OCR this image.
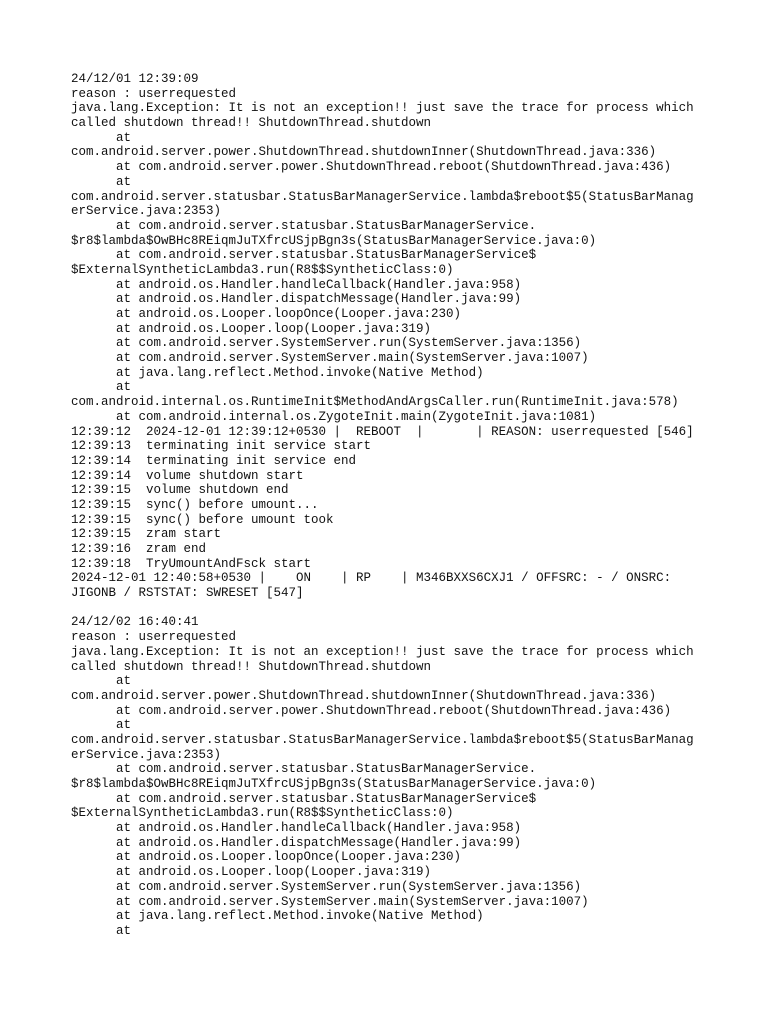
24/12/01 12:39:09
reason : userrequested
java.lang.Exception: It is not an exception!! just save the trace for process which
called shutdown thread!! ShutdownThread.shutdown
at
com.android.server.power.ShutdownThread.shutdownInner(ShutdownThread.java:336)
at com.android.server.power.ShutdownThread.reboot(ShutdownThread.java:436)
at
com.android.server.statusbar.StatusBarManagerService.lambda$reboot$5(StatusBarManag
erService.java:2353)
at com.android.server.statusbar.StatusBarManagerService.
$r8$lambda$OwBHc8REiqmJuTXfrcUSjpBgn3s(StatusBarManagerService.java:0)
at com.android.server.statusbar.StatusBarManagerService$
$ExternalSyntheticLambda3.run(R8$$SyntheticClass:0)
at android.os.Handler.handleCallback(Handler.java:958)
at android.os.Handler.dispatchMessage(Handler.java:99)
at android.os.Looper.loopOnce(Looper.java:230)
at android.os.Looper.loop(Looper.java:319)
at com.android.server.SystemServer.run(SystemServer.java:1356)
at com.android.server.SystemServer.main(SystemServer.java:1007)
at java.lang.reflect.Method.invoke(Native Method)
at
com.android.internal.os.RuntimeInit$MethodAndArgsCaller.run(RuntimeInit.java:578)
at com.android.internal.os.ZygoteInit.main(ZygoteInit.java:1081)
12:39:12  2024-12-01 12:39:12+0530 |  REBOOT  |       | REASON: userrequested [546]
12:39:13  terminating init service start
12:39:14  terminating init service end
12:39:14  volume shutdown start
12:39:15  volume shutdown end
12:39:15  sync() before umount...
12:39:15  sync() before umount took
12:39:15  zram start
12:39:16  zram end
12:39:18  TryUmountAndFsck start
2024-12-01 12:40:58+0530 |    ON    | RP    | M346BXXS6CXJ1 / OFFSRC: - / ONSRC:
JIGONB / RSTSTAT: SWRESET [547]
24/12/02 16:40:41
reason : userrequested
java.lang.Exception: It is not an exception!! just save the trace for process which
called shutdown thread!! ShutdownThread.shutdown
at
com.android.server.power.ShutdownThread.shutdownInner(ShutdownThread.java:336)
at com.android.server.power.ShutdownThread.reboot(ShutdownThread.java:436)
at
com.android.server.statusbar.StatusBarManagerService.lambda$reboot$5(StatusBarManag
erService.java:2353)
at com.android.server.statusbar.StatusBarManagerService.
$r8$lambda$OwBHc8REiqmJuTXfrcUSjpBgn3s(StatusBarManagerService.java:0)
at com.android.server.statusbar.StatusBarManagerService$
$ExternalSyntheticLambda3.run(R8$$SyntheticClass:0)
at android.os.Handler.handleCallback(Handler.java:958)
at android.os.Handler.dispatchMessage(Handler.java:99)
at android.os.Looper.loopOnce(Looper.java:230)
at android.os.Looper.loop(Looper.java:319)
at com.android.server.SystemServer.run(SystemServer.java:1356)
at com.android.server.SystemServer.main(SystemServer.java:1007)
at java.lang.reflect.Method.invoke(Native Method)
at
